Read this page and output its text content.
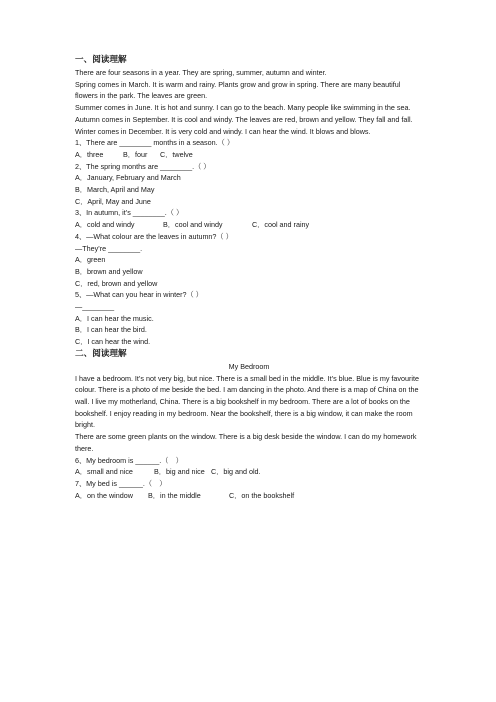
一、阅读理解

There are four seasons in a year. They are spring, summer, autumn and winter.

Spring comes in March. It is warm and rainy. Plants grow and grow in spring. There are many beautiful flowers in the park. The leaves are green.

Summer comes in June. It is hot and sunny. I can go to the beach. Many people like swimming in the sea.

Autumn comes in September. It is cool and windy. The leaves are red, brown and yellow. They fall and fall.

Winter comes in December. It is very cold and windy. I can hear the wind. It blows and blows.

1、There are ________ months in a season.（ ）

A．three	B．four C．twelve

2、The spring months are ________.（ ）

A．January, February and March

B．March, April and May

C．April, May and June

3、In autumn, it’s ________.（ ）

A．cold and windy	B．cool and windy	C．cool and rainy

4、—What colour are the leaves in autumn?（ ）

—They’re ________.

A．green

B．brown and yellow

C．red, brown and yellow

5、—What can you hear in winter?（ ）

—________

A．I can hear the music.

B．I can hear the bird.

C．I can hear the wind.

二、阅读理解

My Bedroom

I have a bedroom. It’s not very big, but nice. There is a small bed in the middle. It’s blue. Blue is my favourite colour. There is a photo of me beside the bed. I am dancing in the photo. And there is a map of China on the wall. I live my motherland, China. There is a big bookshelf in my bedroom. There are a lot of books on the bookshelf. I enjoy reading in my bedroom. Near the bookshelf, there is a big window, it can make the room bright.

There are some green plants on the window. There is a big desk beside the window. I can do my homework there.

6、My bedroom is ______.（　）

A．small and nice	B．big and nice C．big and old.

7、My bed is ______.（　）

A．on the window B．in the middle	C．on the bookshelf
